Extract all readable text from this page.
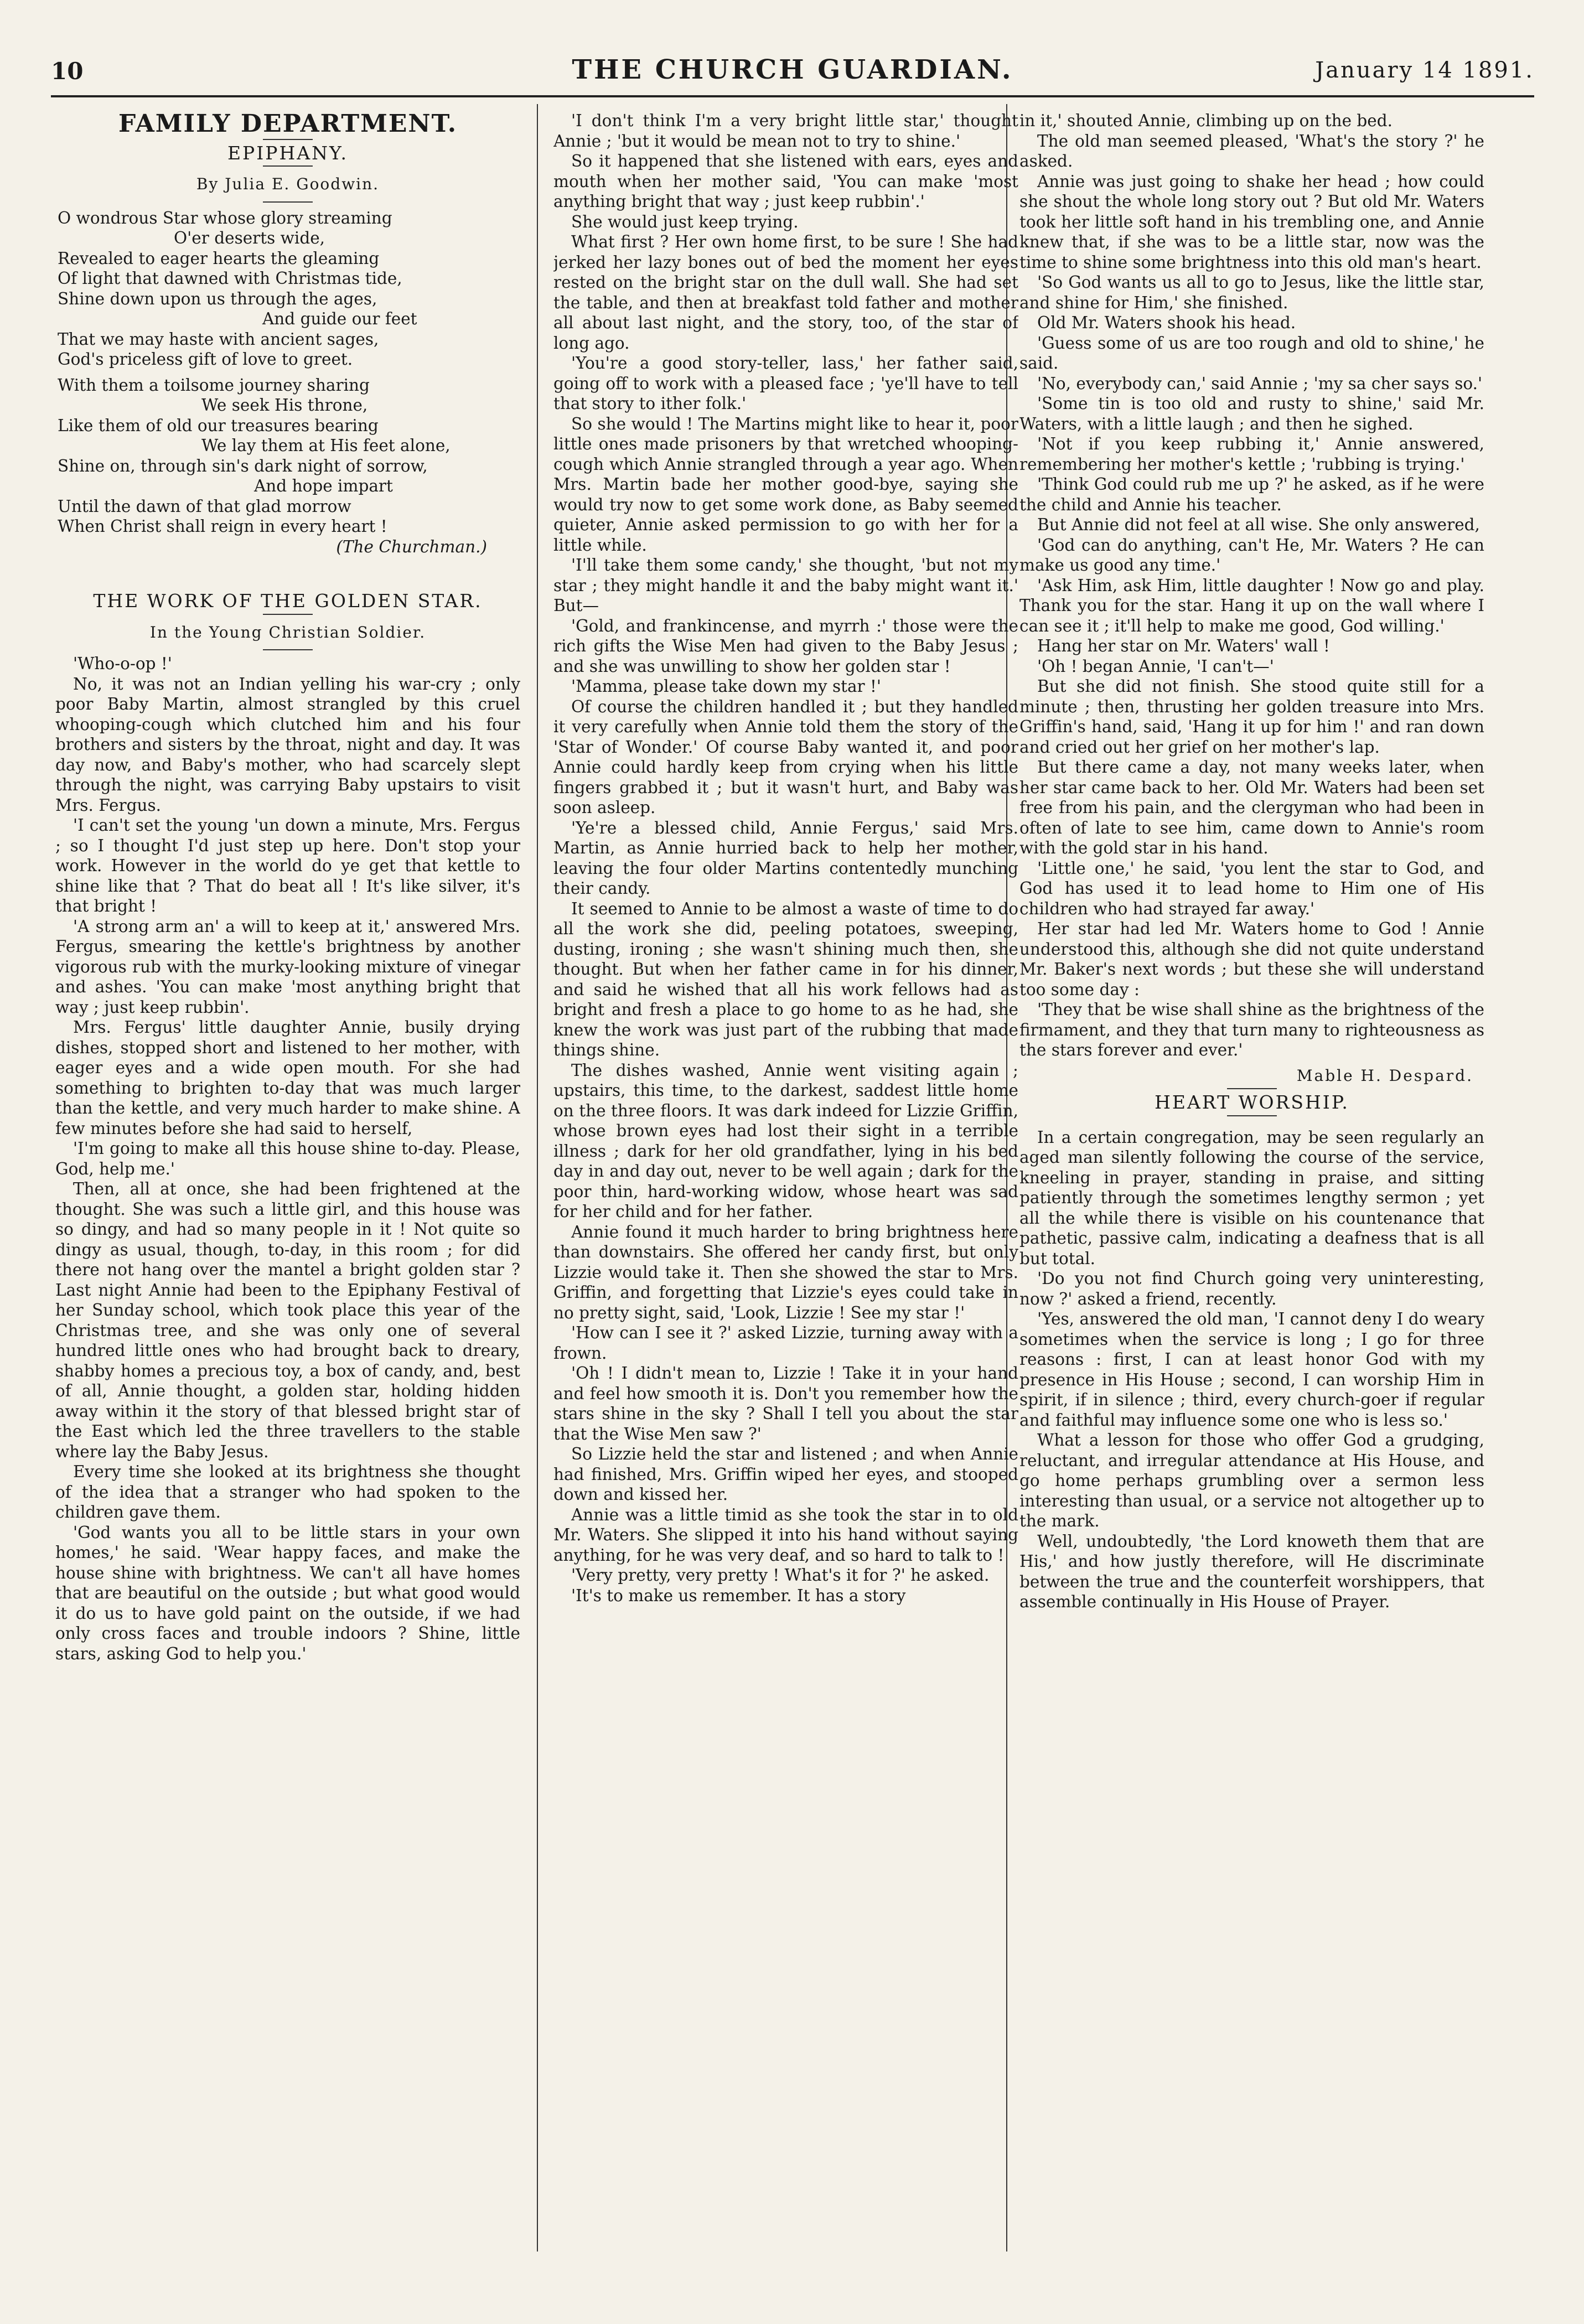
10	THE CHURCH GUARDIAN.	January 14 1891.

FAMILY DEPARTMENT.

EPIPHANY.

By Julia E. Goodwin.

O wondrous Star whose glory streaming

O'er deserts wide,

Revealed to eager hearts the gleaming

Of light that dawned with Christmas tide,

Shine down upon us through the ages,

And guide our feet

That we may haste with ancient sages,

God's priceless gift of love to greet.

With them a toilsome journey sharing

We seek His throne,

Like them of old our treasures bearing

We lay them at His feet alone,

Shine on, through sin's dark night of sorrow,

And hope impart

Until the dawn of that glad morrow

When Christ shall reign in every heart !

(The Churchman.)

THE WORK OF THE GOLDEN STAR.

In the Young Christian Soldier.

'Who-o-op !'

No, it was not an Indian yelling his war-cry ; only poor Baby Martin, almost strangled by this cruel whooping-cough which clutched him and his four brothers and sisters by the throat, night and day. It was day now, and Baby's mother, who had scarcely slept through the night, was carrying Baby upstairs to visit Mrs. Fergus.

'I can't set the young 'un down a minute, Mrs. Fergus ; so I thought I'd just step up here. Don't stop your work. However in the world do ye get that kettle to shine like that ? That do beat all ! It's like silver, it's that bright !

'A strong arm an' a will to keep at it,' answered Mrs. Fergus, smearing the kettle's brightness by another vigorous rub with the murky-looking mixture of vinegar and ashes. 'You can make 'most anything bright that way ; just keep rubbin'.

Mrs. Fergus' little daughter Annie, busily drying dishes, stopped short and listened to her mother, with eager eyes and a wide open mouth. For she had something to brighten to-day that was much larger than the kettle, and very much harder to make shine. A few minutes before she had said to herself,

'I'm going to make all this house shine to-day. Please, God, help me.'

Then, all at once, she had been frightened at the thought. She was such a little girl, and this house was so dingy, and had so many people in it ! Not quite so dingy as usual, though, to-day, in this room ; for did there not hang over the mantel a bright golden star ? Last night Annie had been to the Epiphany Festival of her Sunday school, which took place this year of the Christmas tree, and she was only one of several hundred little ones who had brought back to dreary, shabby homes a precious toy, a box of candy, and, best of all, Annie thought, a golden star, holding hidden away within it the story of that blessed bright star of the East which led the three travellers to the stable where lay the Baby Jesus.

Every time she looked at its brightness she thought of the idea that a stranger who had spoken to the children gave them.

'God wants you all to be little stars in your own homes,' he said. 'Wear happy faces, and make the house shine with brightness. We can't all have homes that are beautiful on the outside ; but what good would it do us to have gold paint on the outside, if we had only cross faces and trouble indoors ? Shine, little stars, asking God to help you.'

'I don't think I'm a very bright little star,' thought Annie ; 'but it would be mean not to try to shine.'

So it happened that she listened with ears, eyes and mouth when her mother said, 'You can make 'most anything bright that way ; just keep rubbin'.'

She would just keep trying.

What first ? Her own home first, to be sure ! She had jerked her lazy bones out of bed the moment her eyes rested on the bright star on the dull wall. She had set the table, and then at breakfast told father and mother all about last night, and the story, too, of the star of long ago.

'You're a good story-teller, lass,' her father said, going off to work with a pleased face ; 'ye'll have to tell that story to ither folk.'

So she would ! The Martins might like to hear it, poor little ones made prisoners by that wretched whooping-cough which Annie strangled through a year ago. When Mrs. Martin bade her mother good-bye, saying she would try now to get some work done, as Baby seemed quieter, Annie asked permission to go with her for a little while.

'I'll take them some candy,' she thought, 'but not my star ; they might handle it and the baby might want it.' But—

'Gold, and frankincense, and myrrh :' those were the rich gifts the Wise Men had given to the Baby Jesus ; and she was unwilling to show her golden star !

'Mamma, please take down my star !'

Of course the children handled it ; but they handled it very carefully when Annie told them the story of the 'Star of Wonder.' Of course Baby wanted it, and poor Annie could hardly keep from crying when his little fingers grabbed it ; but it wasn't hurt, and Baby was soon asleep.

'Ye're a blessed child, Annie Fergus,' said Mrs. Martin, as Annie hurried back to help her mother, leaving the four older Martins contentedly munching their candy.

It seemed to Annie to be almost a waste of time to do all the work she did, peeling potatoes, sweeping, dusting, ironing ; she wasn't shining much then, she thought. But when her father came in for his dinner, and said he wished that all his work fellows had as bright and fresh a place to go home to as he had, she knew the work was just part of the rubbing that made things shine.

The dishes washed, Annie went visiting again ; upstairs, this time, to the darkest, saddest little home on the three floors. It was dark indeed for Lizzie Griffin, whose brown eyes had lost their sight in a terrible illness ; dark for her old grandfather, lying in his bed day in and day out, never to be well again ; dark for the poor thin, hard-working widow, whose heart was sad for her child and for her father.

Annie found it much harder to bring brightness here than downstairs. She offered her candy first, but only Lizzie would take it. Then she showed the star to Mrs. Griffin, and forgetting that Lizzie's eyes could take in no pretty sight, said, 'Look, Lizzie ! See my star !'

'How can I see it ?' asked Lizzie, turning away with a frown.

'Oh ! I didn't mean to, Lizzie ! Take it in your hand and feel how smooth it is. Don't you remember how the stars shine in the sky ? Shall I tell you about the star that the Wise Men saw ?'

So Lizzie held the star and listened ; and when Annie had finished, Mrs. Griffin wiped her eyes, and stooped down and kissed her.

Annie was a little timid as she took the star in to old Mr. Waters. She slipped it into his hand without saying anything, for he was very deaf, and so hard to talk to !

'Very pretty, very pretty ! What's it for ?' he asked.

'It's to make us remember. It has a story

in it,' shouted Annie, climbing up on the bed.

The old man seemed pleased, 'What's the story ?' he asked.

Annie was just going to shake her head ; how could she shout the whole long story out ? But old Mr. Waters took her little soft hand in his trembling one, and Annie knew that, if she was to be a little star, now was the time to shine some brightness into this old man's heart.

'So God wants us all to go to Jesus, like the little star, and shine for Him,' she finished.

Old Mr. Waters shook his head.

'Guess some of us are too rough and old to shine,' he said.

'No, everybody can,' said Annie ; 'my sa cher says so.'

'Some tin is too old and rusty to shine,' said Mr. Waters, with a little laugh ; and then he sighed.

'Not if you keep rubbing it,' Annie answered, remembering her mother's kettle ; 'rubbing is trying.'

'Think God could rub me up ?' he asked, as if he were the child and Annie his teacher.

But Annie did not feel at all wise. She only answered,

'God can do anything, can't He, Mr. Waters ? He can make us good any time.'

'Ask Him, ask Him, little daughter ! Now go and play. Thank you for the star. Hang it up on the wall where I can see it ; it'll help to make me good, God willing.'

Hang her star on Mr. Waters' wall !

'Oh ! began Annie, 'I can't—'

But she did not finish. She stood quite still for a minute ; then, thrusting her golden treasure into Mrs. Griffin's hand, said, 'Hang it up for him !' and ran down and cried out her grief on her mother's lap.

But there came a day, not many weeks later, when her star came back to her. Old Mr. Waters had been set free from his pain, and the clergyman who had been in often of late to see him, came down to Annie's room with the gold star in his hand.

'Little one,' he said, 'you lent the star to God, and God has used it to lead home to Him one of His children who had strayed far away.'

Her star had led Mr. Waters home to God ! Annie understood this, although she did not quite understand Mr. Baker's next words ; but these she will understand too some day :

'They that be wise shall shine as the brightness of the firmament, and they that turn many to righteousness as the stars forever and ever.'

Mable H. Despard.

HEART WORSHIP.

In a certain congregation, may be seen regularly an aged man silently following the course of the service, kneeling in prayer, standing in praise, and sitting patiently through the sometimes lengthy sermon ; yet all the while there is visible on his countenance that pathetic, passive calm, indicating a deafness that is all but total.

'Do you not find Church going very uninteresting, now ?' asked a friend, recently.

'Yes, answered the old man, 'I cannot deny I do weary sometimes when the service is long ; I go for three reasons : first, I can at least honor God with my presence in His House ; second, I can worship Him in spirit, if in silence ; third, every church-goer if regular and faithful may influence some one who is less so.'

What a lesson for those who offer God a grudging, reluctant, and irregular attendance at His House, and go home perhaps grumbling over a sermon less interesting than usual, or a service not altogether up to the mark.

Well, undoubtedly, 'the Lord knoweth them that are His,' and how justly therefore, will He discriminate between the true and the counterfeit worshippers, that assemble continually in His House of Prayer.
